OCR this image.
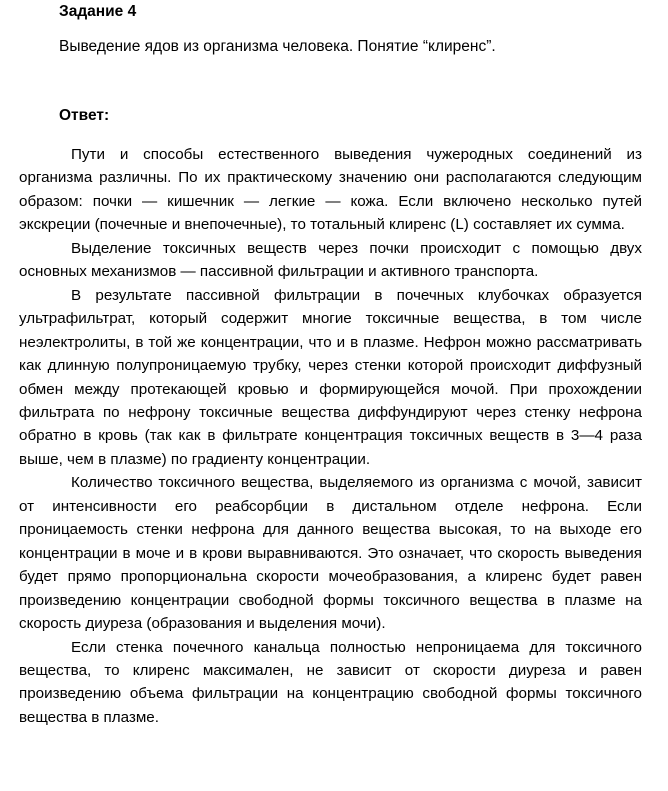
Задание 4

Выведение ядов из организма человека. Понятие “клиренс”.

Ответ:

Пути и способы естественного выведения чужеродных соединений из организма различны. По их практическому значению они располагаются следующим образом: почки — кишечник — легкие — кожа. Если включено несколько путей экскреции (почечные и внепочечные), то тотальный клиренс (L) составляет их сумма.

Выделение токсичных веществ через почки происходит с помощью двух основных механизмов — пассивной фильтрации и активного транспорта.

В результате пассивной фильтрации в почечных клубочках образуется ультрафильтрат, который содержит многие токсичные вещества, в том числе неэлектролиты, в той же концентрации, что и в плазме. Нефрон можно рассматривать как длинную полупроницаемую трубку, через стенки которой происходит диффузный обмен между протекающей кровью и формирующейся мочой. При прохождении фильтрата по нефрону токсичные вещества диффундируют через стенку нефрона обратно в кровь (так как в фильтрате концентрация токсичных веществ в 3—4 раза выше, чем в плазме) по градиенту концентрации.

Количество токсичного вещества, выделяемого из организма с мочой, зависит от интенсивности его реабсорбции в дистальном отделе нефрона. Если проницаемость стенки нефрона для данного вещества высокая, то на выходе его концентрации в моче и в крови выравниваются. Это означает, что скорость выведения будет прямо пропорциональна скорости мочеобразования, а клиренс будет равен произведению концентрации свободной формы токсичного вещества в плазме на скорость диуреза (образования и выделения мочи).

Если стенка почечного канальца полностью непроницаема для токсичного вещества, то клиренс максимален, не зависит от скорости диуреза и равен произведению объема фильтрации на концентрацию свободной формы токсичного вещества в плазме.
